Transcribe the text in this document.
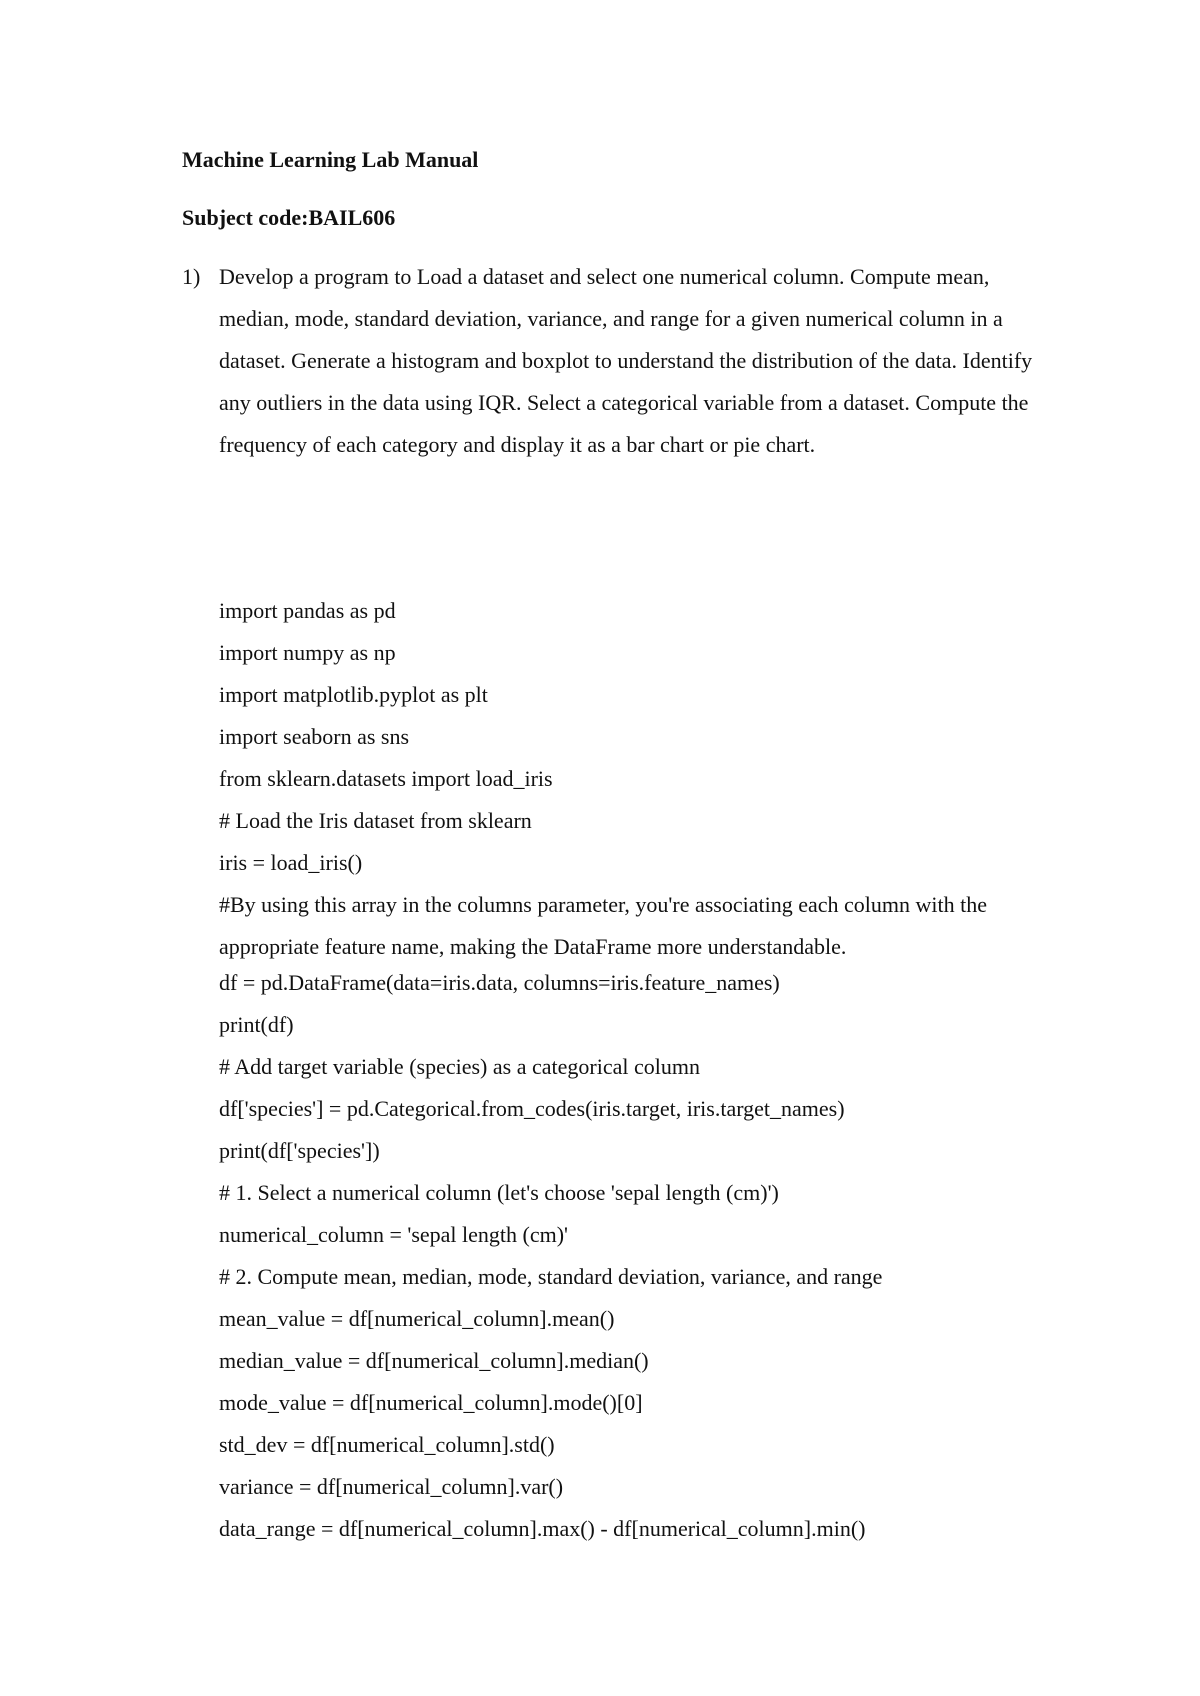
Machine Learning Lab Manual
Subject code:BAIL606
1) Develop a program to Load a dataset and select one numerical column. Compute mean, median, mode, standard deviation, variance, and range for a given numerical column in a dataset. Generate a histogram and boxplot to understand the distribution of the data. Identify any outliers in the data using IQR. Select a categorical variable from a dataset. Compute the frequency of each category and display it as a bar chart or pie chart.
import pandas as pd
import numpy as np
import matplotlib.pyplot as plt
import seaborn as sns
from sklearn.datasets import load_iris
# Load the Iris dataset from sklearn
iris = load_iris()
#By using this array in the columns parameter, you're associating each column with the appropriate feature name, making the DataFrame more understandable.
df = pd.DataFrame(data=iris.data, columns=iris.feature_names)
print(df)
# Add target variable (species) as a categorical column
df['species'] = pd.Categorical.from_codes(iris.target, iris.target_names)
print(df['species'])
# 1. Select a numerical column (let's choose 'sepal length (cm)')
numerical_column = 'sepal length (cm)'
# 2. Compute mean, median, mode, standard deviation, variance, and range
mean_value = df[numerical_column].mean()
median_value = df[numerical_column].median()
mode_value = df[numerical_column].mode()[0]
std_dev = df[numerical_column].std()
variance = df[numerical_column].var()
data_range = df[numerical_column].max() - df[numerical_column].min()
